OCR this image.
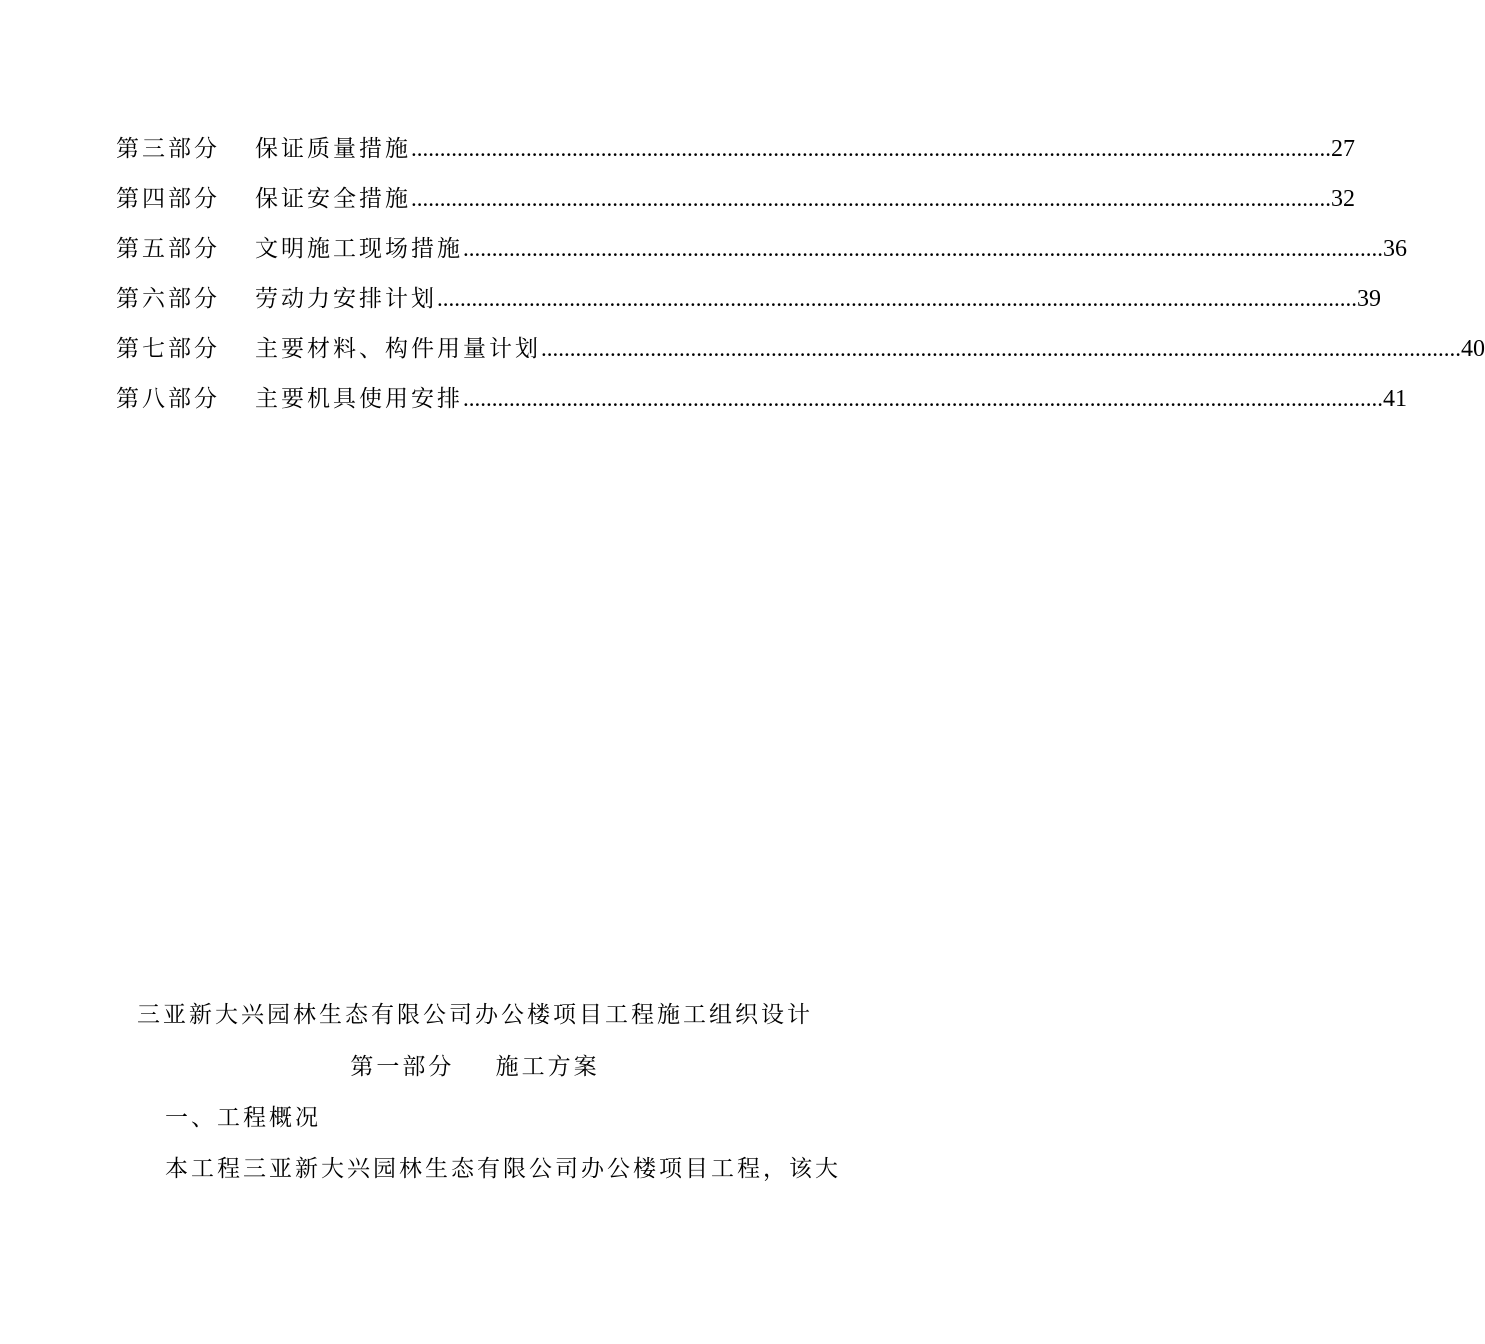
第三部分	保证质量措施 ................................................................................................................................................................ 27
第四部分	保证安全措施 ................................................................................................................................................................ 32
第五部分	文明施工现场措施 ................................................................................................................................................................ 36
第六部分	劳动力安排计划 ................................................................................................................................................................ 39
第七部分	主要材料、构件用量计划 ................................................................................................................................................................ 40
第八部分	主要机具使用安排 ................................................................................................................................................................ 41
三亚新大兴园林生态有限公司办公楼项目工程施工组织设计
第一部分    施工方案
一、工程概况
本工程三亚新大兴园林生态有限公司办公楼项目工程，该大
